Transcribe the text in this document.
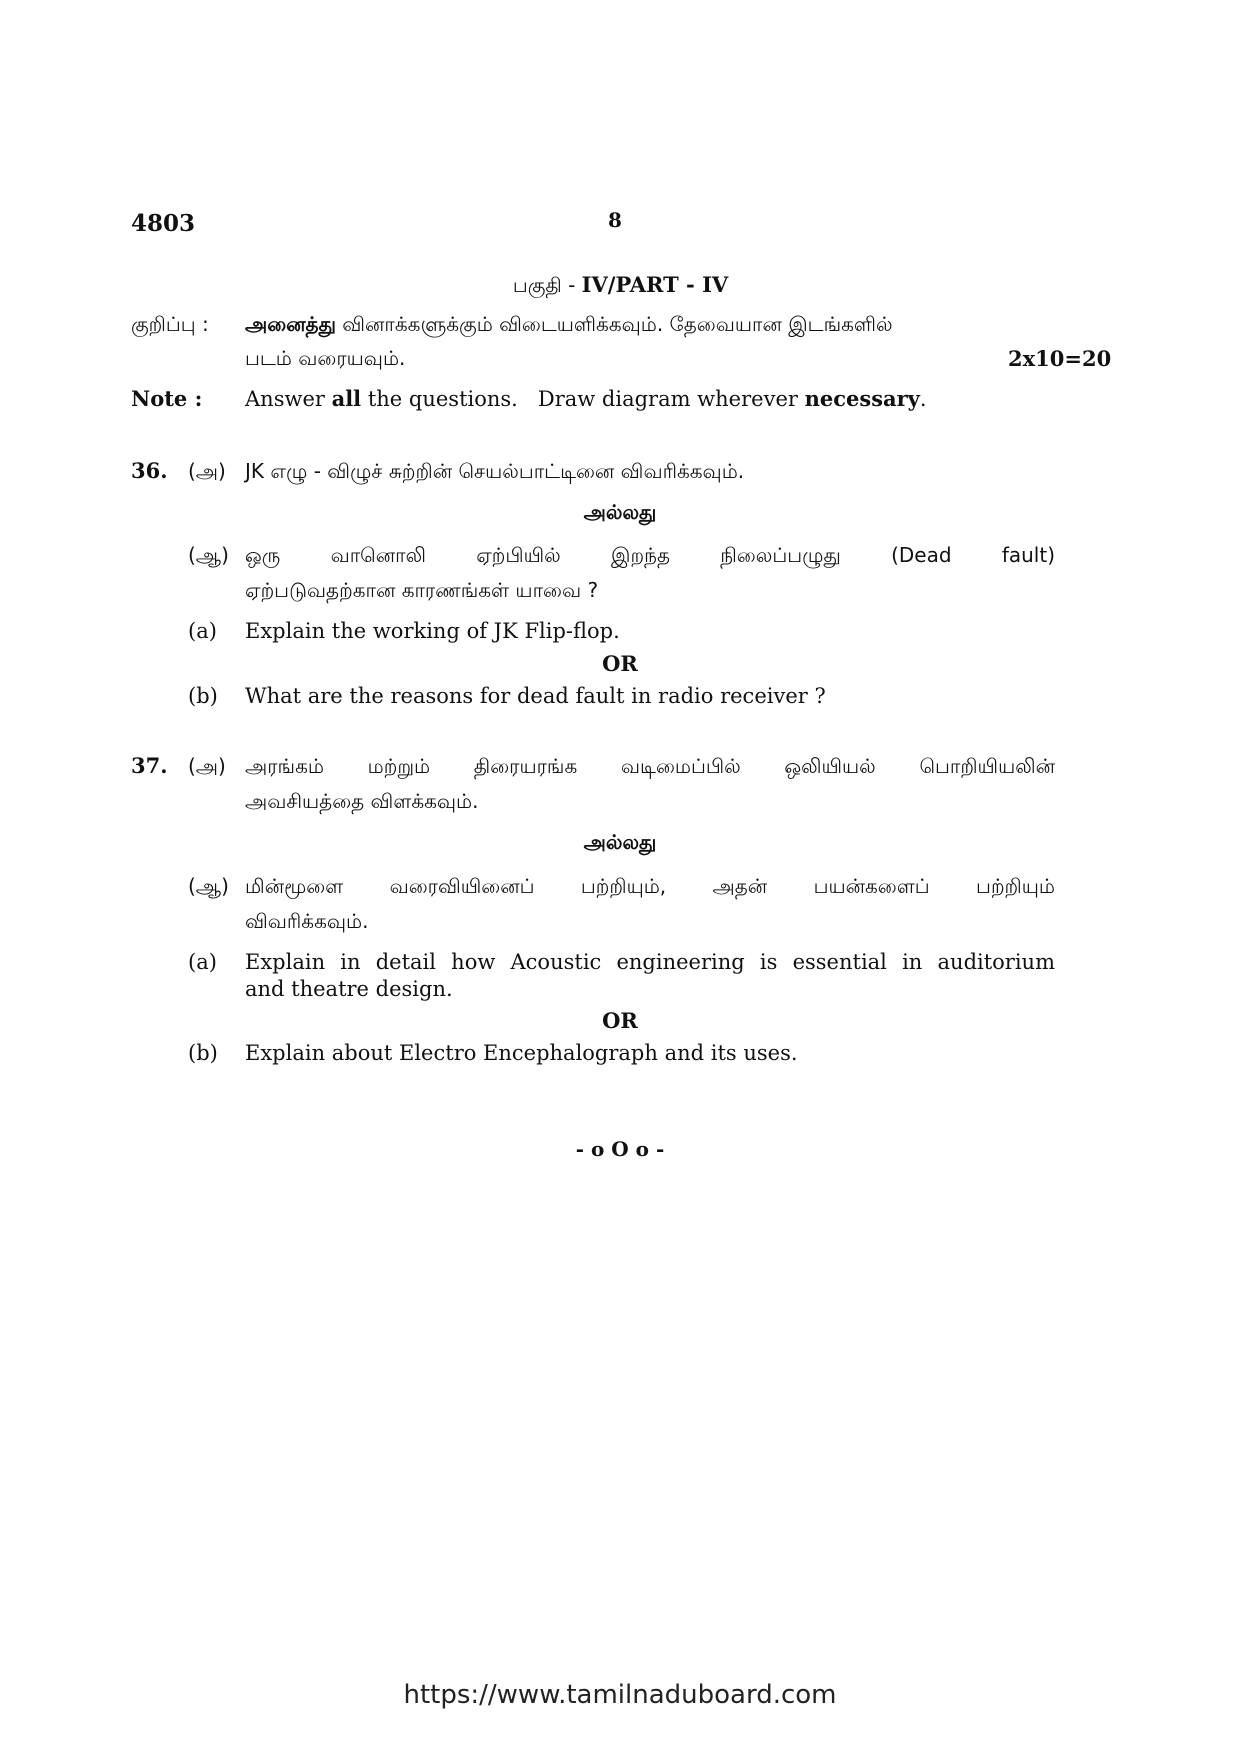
4803	8
பகுதி - IV/PART - IV
குறிப்பு : அனைத்து வினாக்களுக்கும் விடையளிக்கவும். தேவையான இடங்களில்
படம் வரையவும்.	2x10=20
Note : Answer all the questions.   Draw diagram wherever necessary.
36. (அ) JK எழு - விழுச் சுற்றின் செயல்பாட்டினை விவரிக்கவும்.
அல்லது
(ஆ) ஒரு வானொலி ஏற்பியில் இறந்த நிலைப்பழுது (Dead fault)
ஏற்படுவதற்கான காரணங்கள் யாவை ?
(a) Explain the working of JK Flip-flop.
OR
(b) What are the reasons for dead fault in radio receiver ?
37. (அ) அரங்கம் மற்றும் திரையரங்க வடிமைப்பில் ஒலியியல் பொறியியலின்
அவசியத்தை விளக்கவும்.
அல்லது
(ஆ) மின்மூளை வரைவியினைப் பற்றியும், அதன் பயன்களைப் பற்றியும்
விவரிக்கவும்.
(a) Explain in detail how Acoustic engineering is essential in auditorium
and theatre design.
OR
(b) Explain about Electro Encephalograph and its uses.
- o O o -
https://www.tamilnaduboard.com
